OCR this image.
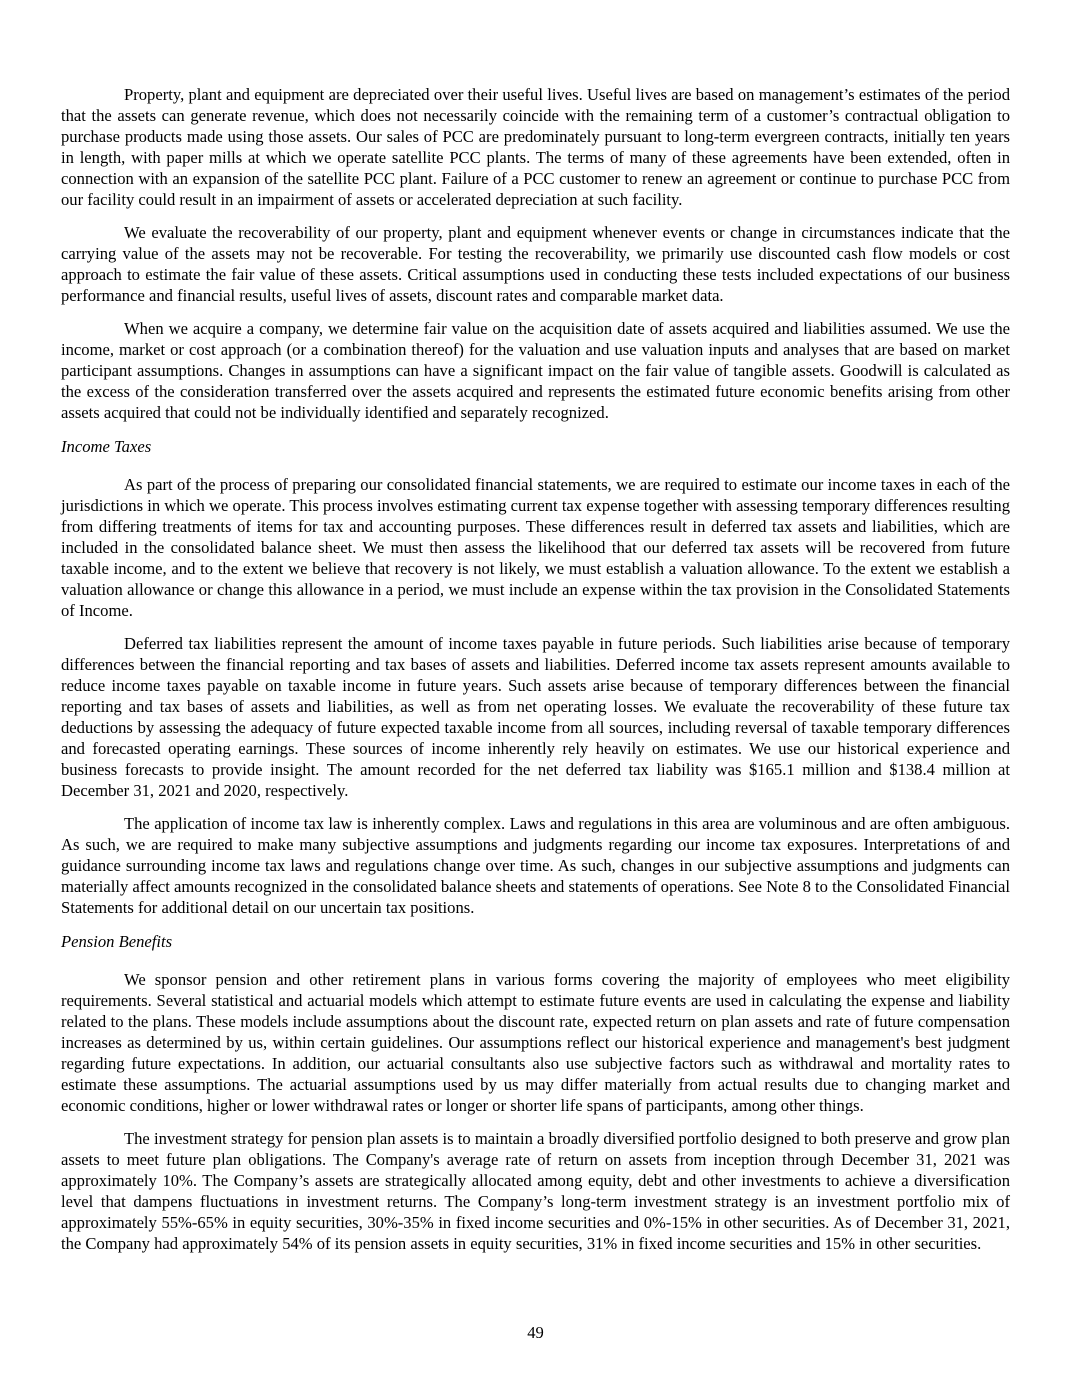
Property, plant and equipment are depreciated over their useful lives. Useful lives are based on management’s estimates of the period that the assets can generate revenue, which does not necessarily coincide with the remaining term of a customer’s contractual obligation to purchase products made using those assets. Our sales of PCC are predominately pursuant to long-term evergreen contracts, initially ten years in length, with paper mills at which we operate satellite PCC plants. The terms of many of these agreements have been extended, often in connection with an expansion of the satellite PCC plant. Failure of a PCC customer to renew an agreement or continue to purchase PCC from our facility could result in an impairment of assets or accelerated depreciation at such facility.

We evaluate the recoverability of our property, plant and equipment whenever events or change in circumstances indicate that the carrying value of the assets may not be recoverable. For testing the recoverability, we primarily use discounted cash flow models or cost approach to estimate the fair value of these assets. Critical assumptions used in conducting these tests included expectations of our business performance and financial results, useful lives of assets, discount rates and comparable market data.

When we acquire a company, we determine fair value on the acquisition date of assets acquired and liabilities assumed. We use the income, market or cost approach (or a combination thereof) for the valuation and use valuation inputs and analyses that are based on market participant assumptions. Changes in assumptions can have a significant impact on the fair value of tangible assets. Goodwill is calculated as the excess of the consideration transferred over the assets acquired and represents the estimated future economic benefits arising from other assets acquired that could not be individually identified and separately recognized.

Income Taxes

As part of the process of preparing our consolidated financial statements, we are required to estimate our income taxes in each of the jurisdictions in which we operate. This process involves estimating current tax expense together with assessing temporary differences resulting from differing treatments of items for tax and accounting purposes. These differences result in deferred tax assets and liabilities, which are included in the consolidated balance sheet. We must then assess the likelihood that our deferred tax assets will be recovered from future taxable income, and to the extent we believe that recovery is not likely, we must establish a valuation allowance. To the extent we establish a valuation allowance or change this allowance in a period, we must include an expense within the tax provision in the Consolidated Statements of Income.

Deferred tax liabilities represent the amount of income taxes payable in future periods. Such liabilities arise because of temporary differences between the financial reporting and tax bases of assets and liabilities. Deferred income tax assets represent amounts available to reduce income taxes payable on taxable income in future years. Such assets arise because of temporary differences between the financial reporting and tax bases of assets and liabilities, as well as from net operating losses. We evaluate the recoverability of these future tax deductions by assessing the adequacy of future expected taxable income from all sources, including reversal of taxable temporary differences and forecasted operating earnings. These sources of income inherently rely heavily on estimates. We use our historical experience and business forecasts to provide insight. The amount recorded for the net deferred tax liability was $165.1 million and $138.4 million at December 31, 2021 and 2020, respectively.

The application of income tax law is inherently complex. Laws and regulations in this area are voluminous and are often ambiguous. As such, we are required to make many subjective assumptions and judgments regarding our income tax exposures. Interpretations of and guidance surrounding income tax laws and regulations change over time. As such, changes in our subjective assumptions and judgments can materially affect amounts recognized in the consolidated balance sheets and statements of operations. See Note 8 to the Consolidated Financial Statements for additional detail on our uncertain tax positions.

Pension Benefits

We sponsor pension and other retirement plans in various forms covering the majority of employees who meet eligibility requirements. Several statistical and actuarial models which attempt to estimate future events are used in calculating the expense and liability related to the plans. These models include assumptions about the discount rate, expected return on plan assets and rate of future compensation increases as determined by us, within certain guidelines. Our assumptions reflect our historical experience and management's best judgment regarding future expectations. In addition, our actuarial consultants also use subjective factors such as withdrawal and mortality rates to estimate these assumptions. The actuarial assumptions used by us may differ materially from actual results due to changing market and economic conditions, higher or lower withdrawal rates or longer or shorter life spans of participants, among other things.

The investment strategy for pension plan assets is to maintain a broadly diversified portfolio designed to both preserve and grow plan assets to meet future plan obligations. The Company's average rate of return on assets from inception through December 31, 2021 was approximately 10%. The Company’s assets are strategically allocated among equity, debt and other investments to achieve a diversification level that dampens fluctuations in investment returns. The Company’s long-term investment strategy is an investment portfolio mix of approximately 55%-65% in equity securities, 30%-35% in fixed income securities and 0%-15% in other securities. As of December 31, 2021, the Company had approximately 54% of its pension assets in equity securities, 31% in fixed income securities and 15% in other securities.

49
